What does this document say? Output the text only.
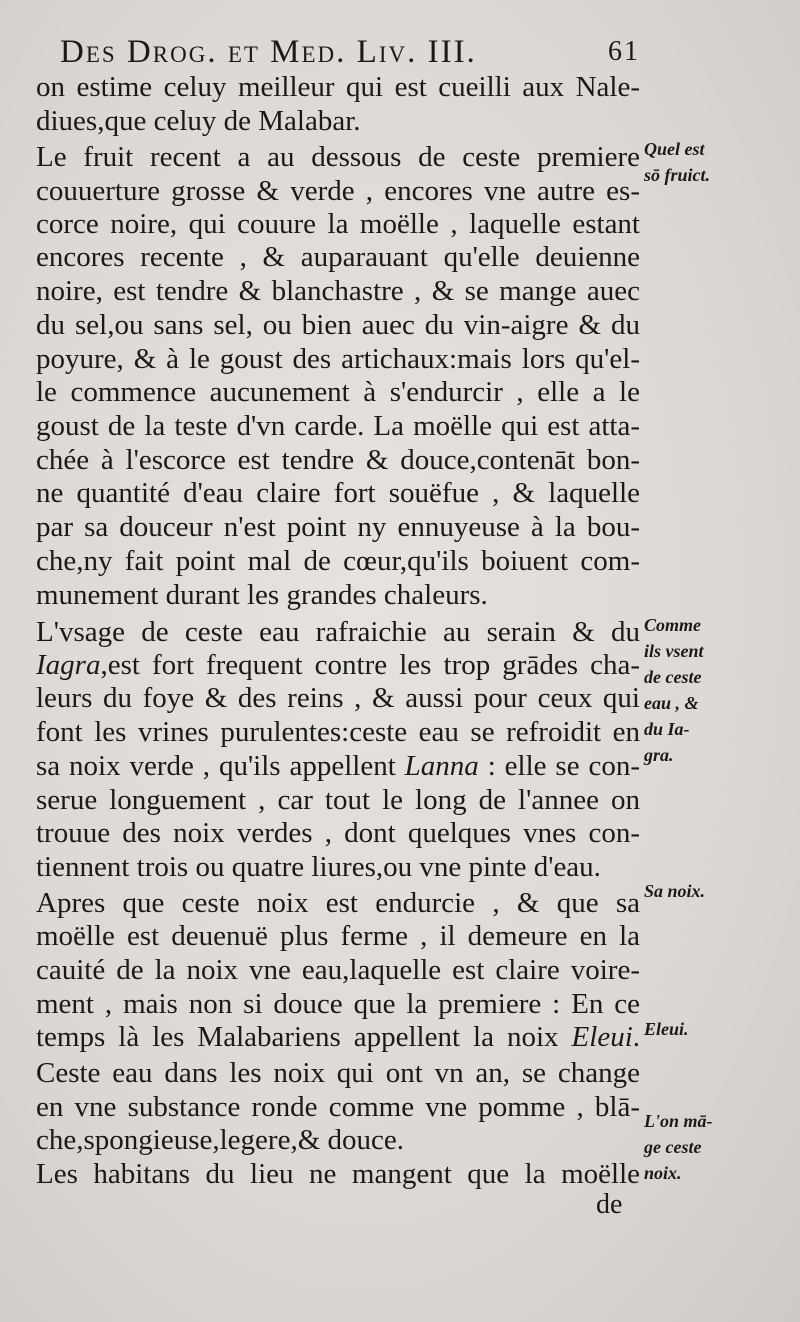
Des Drog. et Med. Liv. III.	61
on estime celuy meilleur qui est cueilli aux Nale-
diues,que celuy de Malabar.
Le fruit recent a au dessous de ceste premiere
couuerture grosse & verde , encores vne autre es-
corce noire, qui couure la moëlle , laquelle estant
encores recente , & auparauant qu'elle deuienne
noire, est tendre & blanchastre , & se mange auec
du sel,ou sans sel, ou bien auec du vin-aigre & du
poyure, & à le goust des artichaux:mais lors qu'el-
le commence aucunement à s'endurcir , elle a le
goust de la teste d'vn carde. La moëlle qui est atta-
chée à l'escorce est tendre & douce,contenāt bon-
ne quantité d'eau claire fort souëfue , & laquelle
par sa douceur n'est point ny ennuyeuse à la bou-
che,ny fait point mal de cœur,qu'ils boiuent com-
munement durant les grandes chaleurs.
L'vsage de ceste eau rafraichie au serain & du
Iagra,est fort frequent contre les trop grādes cha-
leurs du foye & des reins , & aussi pour ceux qui
font les vrines purulentes:ceste eau se refroidit en
sa noix verde , qu'ils appellent Lanna : elle se con-
serue longuement , car tout le long de l'annee on
trouue des noix verdes , dont quelques vnes con-
tiennent trois ou quatre liures,ou vne pinte d'eau.
Apres que ceste noix est endurcie , & que sa
moëlle est deuenuë plus ferme , il demeure en la
cauité de la noix vne eau,laquelle est claire voire-
ment , mais non si douce que la premiere : En ce
temps là les Malabariens appellent la noix Eleui.
Ceste eau dans les noix qui ont vn an, se change
en vne substance ronde comme vne pomme , blā-
che,spongieuse,legere,& douce.
Les habitans du lieu ne mangent que la moëlle
Quel est
sō fruict.
Comme
ils vsent
de ceste
eau , &
du Ia-
gra.
Sa noix.
Eleui.
L'on mā-
ge ceste
noix.
de
